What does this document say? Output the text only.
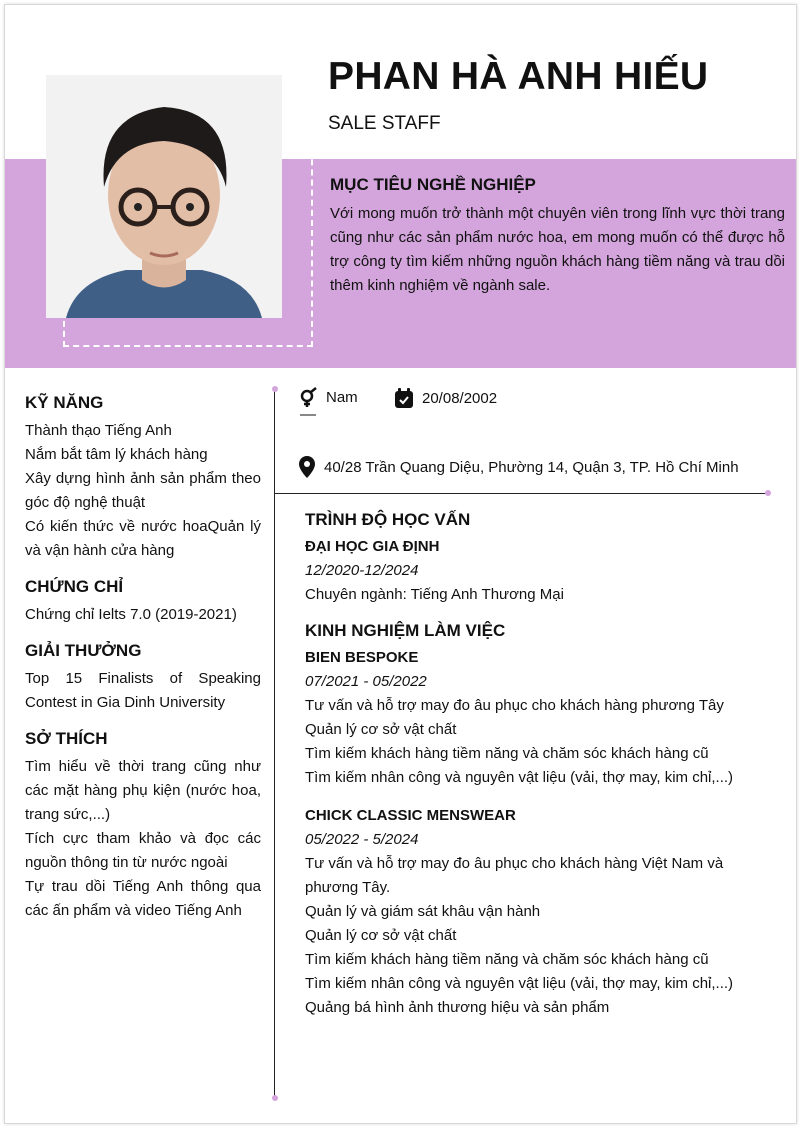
PHAN HÀ ANH HIẾU
SALE STAFF
MỤC TIÊU NGHỀ NGHIỆP
Với mong muốn trở thành một chuyên viên trong lĩnh vực thời trang cũng như các sản phẩm nước hoa, em mong muốn có thể được hỗ trợ công ty tìm kiếm những nguồn khách hàng tiềm năng và trau dồi thêm kinh nghiệm về ngành sale.
Nam	20/08/2002
40/28 Trần Quang Diệu, Phường 14, Quận 3, TP. Hồ Chí Minh
KỸ NĂNG
Thành thạo Tiếng Anh
Nắm bắt tâm lý khách hàng
Xây dựng hình ảnh sản phẩm theo góc độ nghệ thuật
Có kiến thức về nước hoaQuản lý và vận hành cửa hàng
CHỨNG CHỈ
Chứng chỉ Ielts 7.0 (2019-2021)
GIẢI THƯỞNG
Top 15 Finalists of Speaking Contest in Gia Dinh University
SỞ THÍCH
Tìm hiểu về thời trang cũng như các mặt hàng phụ kiện (nước hoa, trang sức,...)
Tích cực tham khảo và đọc các nguồn thông tin từ nước ngoài
Tự trau dồi Tiếng Anh thông qua các ấn phẩm và video Tiếng Anh
TRÌNH ĐỘ HỌC VẤN
ĐẠI HỌC GIA ĐỊNH
12/2020-12/2024
Chuyên ngành: Tiếng Anh Thương Mại
KINH NGHIỆM LÀM VIỆC
BIEN BESPOKE
07/2021 - 05/2022
Tư vấn và hỗ trợ may đo âu phục cho khách hàng phương Tây
Quản lý cơ sở vật chất
Tìm kiếm khách hàng tiềm năng và chăm sóc khách hàng cũ
Tìm kiếm nhân công và nguyên vật liệu (vải, thợ may, kim chỉ,...)
CHICK CLASSIC MENSWEAR
05/2022 - 5/2024
Tư vấn và hỗ trợ may đo âu phục cho khách hàng Việt Nam và phương Tây.
Quản lý và giám sát khâu vận hành
Quản lý cơ sở vật chất
Tìm kiếm khách hàng tiềm năng và chăm sóc khách hàng cũ
Tìm kiếm nhân công và nguyên vật liệu (vải, thợ may, kim chỉ,...)
Quảng bá hình ảnh thương hiệu và sản phẩm
